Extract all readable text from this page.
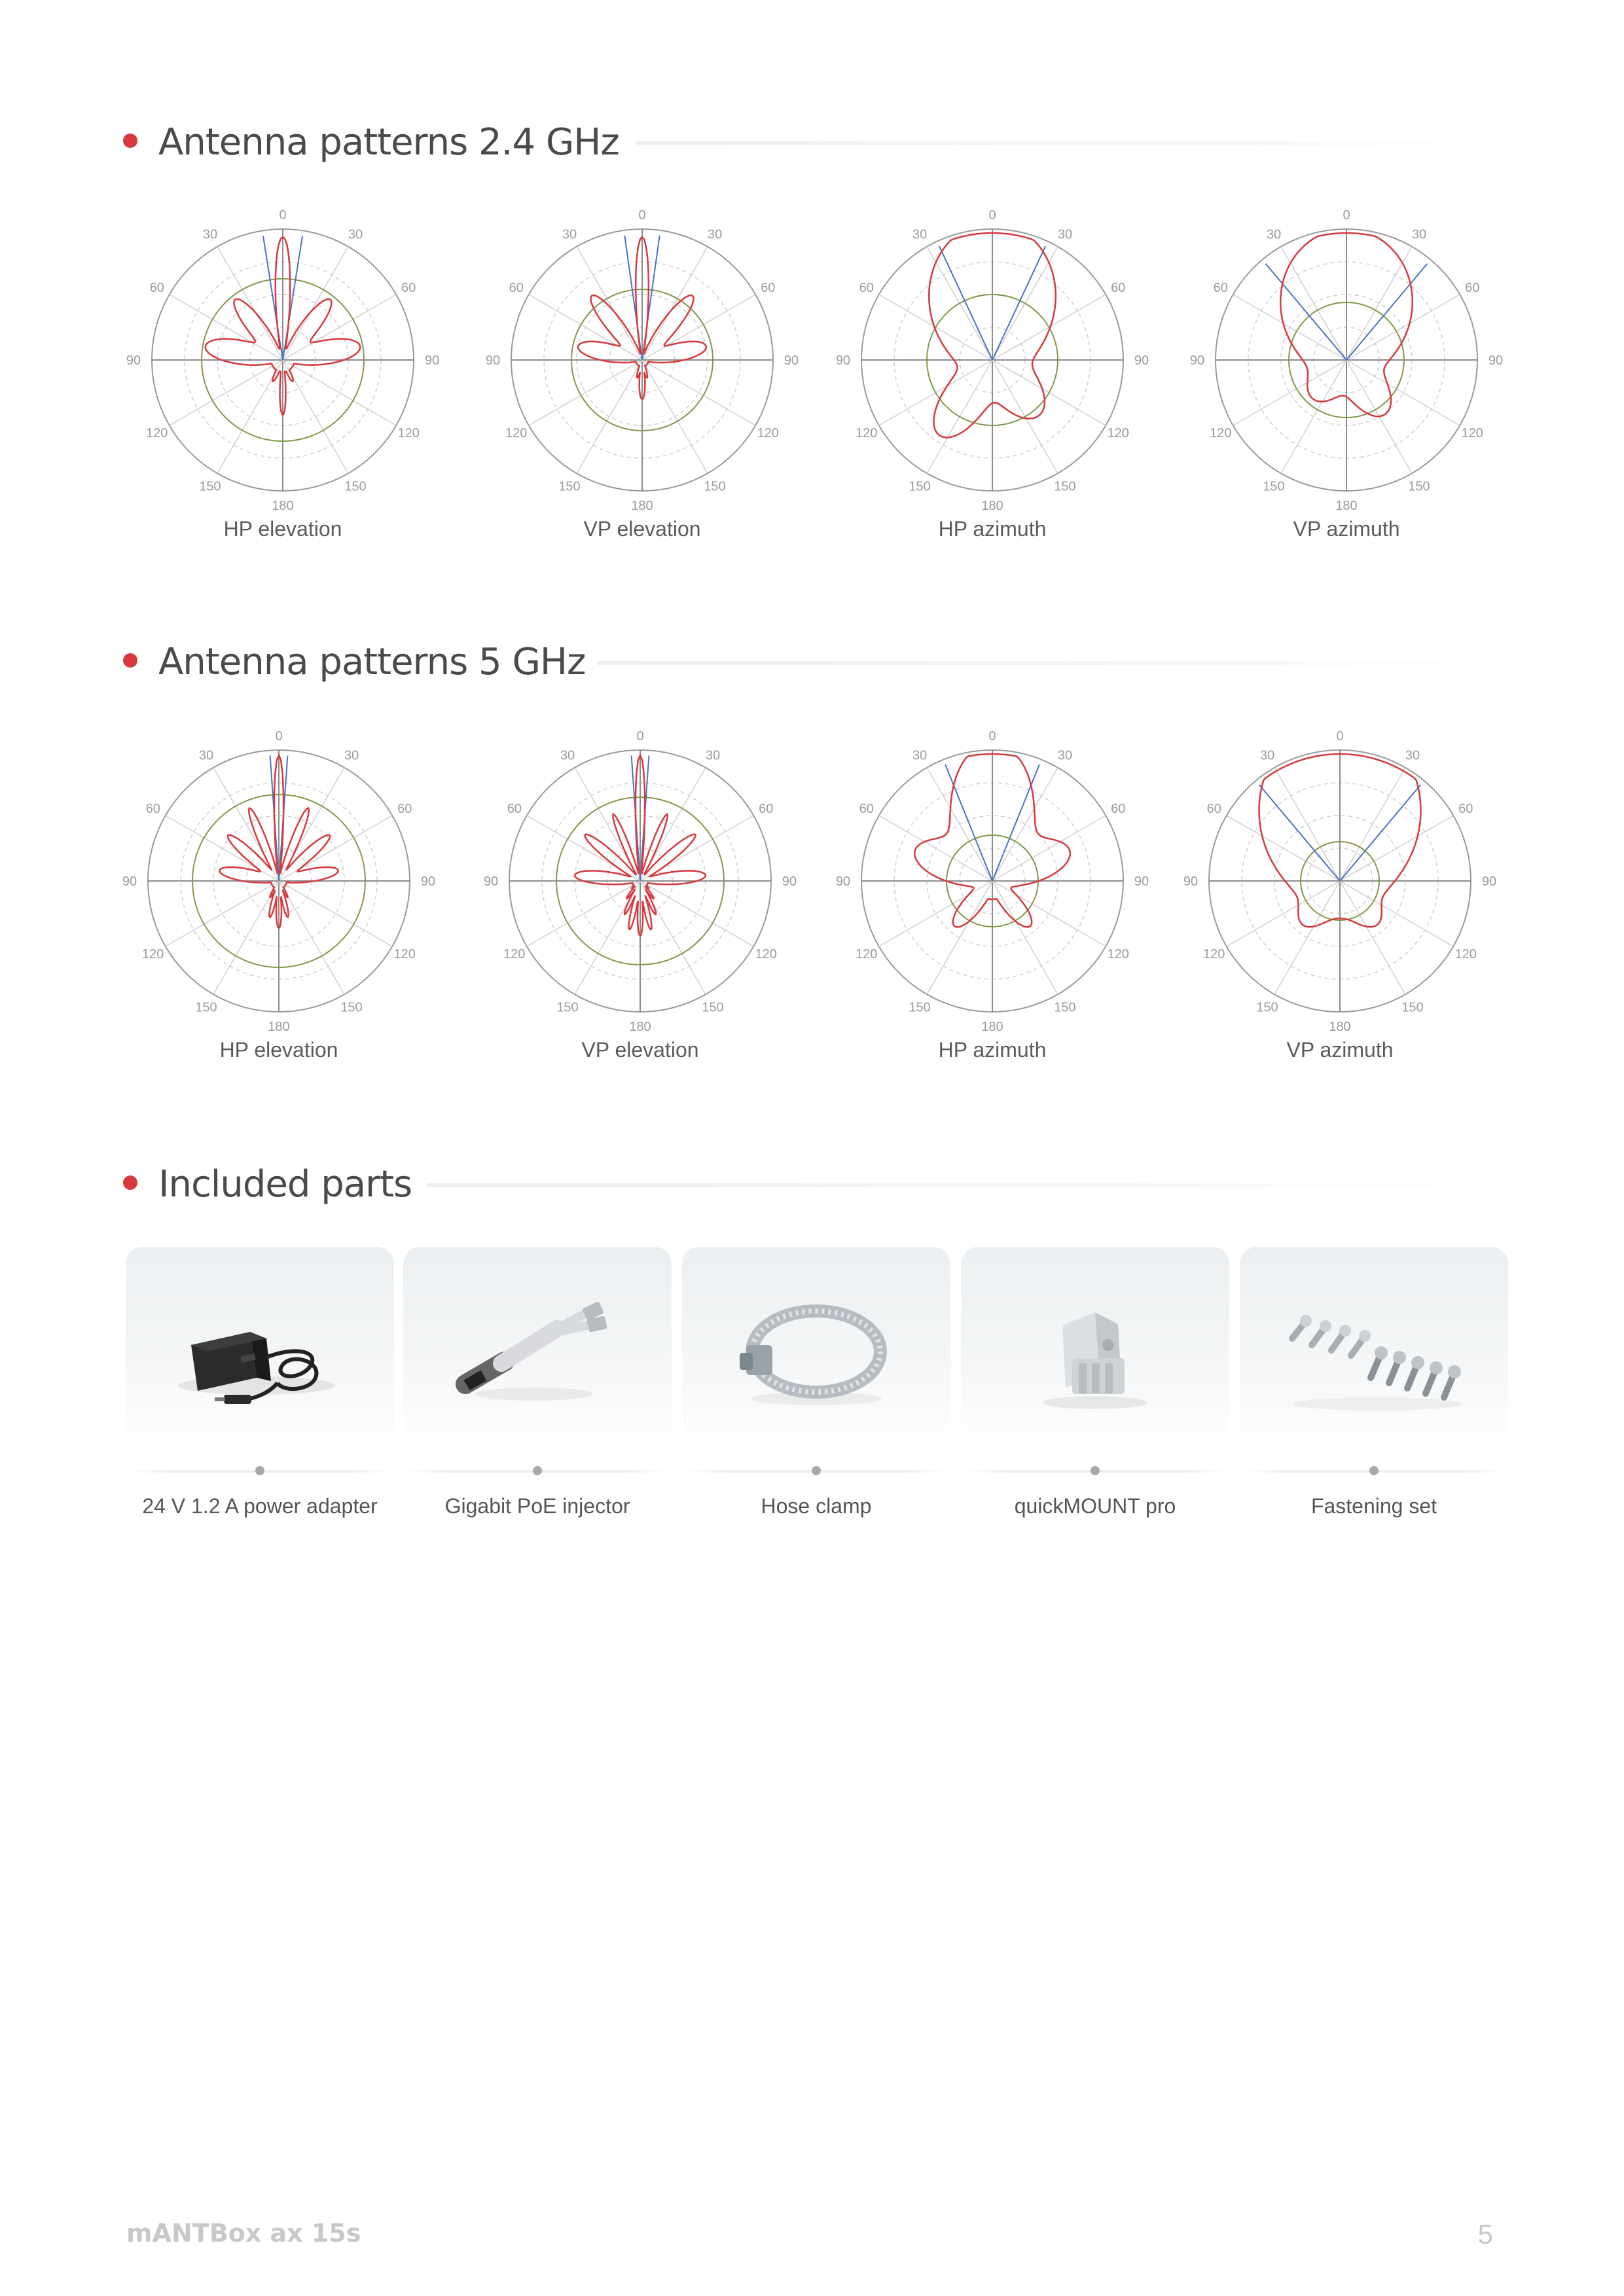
Antenna patterns 2.4 GHz
0
30
60
90
120
150
180
150
120
90
60
30
HP elevation
0
30
60
90
120
150
180
150
120
90
60
30
VP elevation
0
30
60
90
120
150
180
150
120
90
60
30
HP azimuth
0
30
60
90
120
150
180
150
120
90
60
30
VP azimuth
Antenna patterns 5 GHz
0
30
60
90
120
150
180
150
120
90
60
30
HP elevation
0
30
60
90
120
150
180
150
120
90
60
30
VP elevation
0
30
60
90
120
150
180
150
120
90
60
30
HP azimuth
0
30
60
90
120
150
180
150
120
90
60
30
VP azimuth
Included parts
24 V 1.2 A power adapter	Gigabit PoE injector	Hose clamp	quickMOUNT pro	Fastening set
mANTBox ax 15s	5
